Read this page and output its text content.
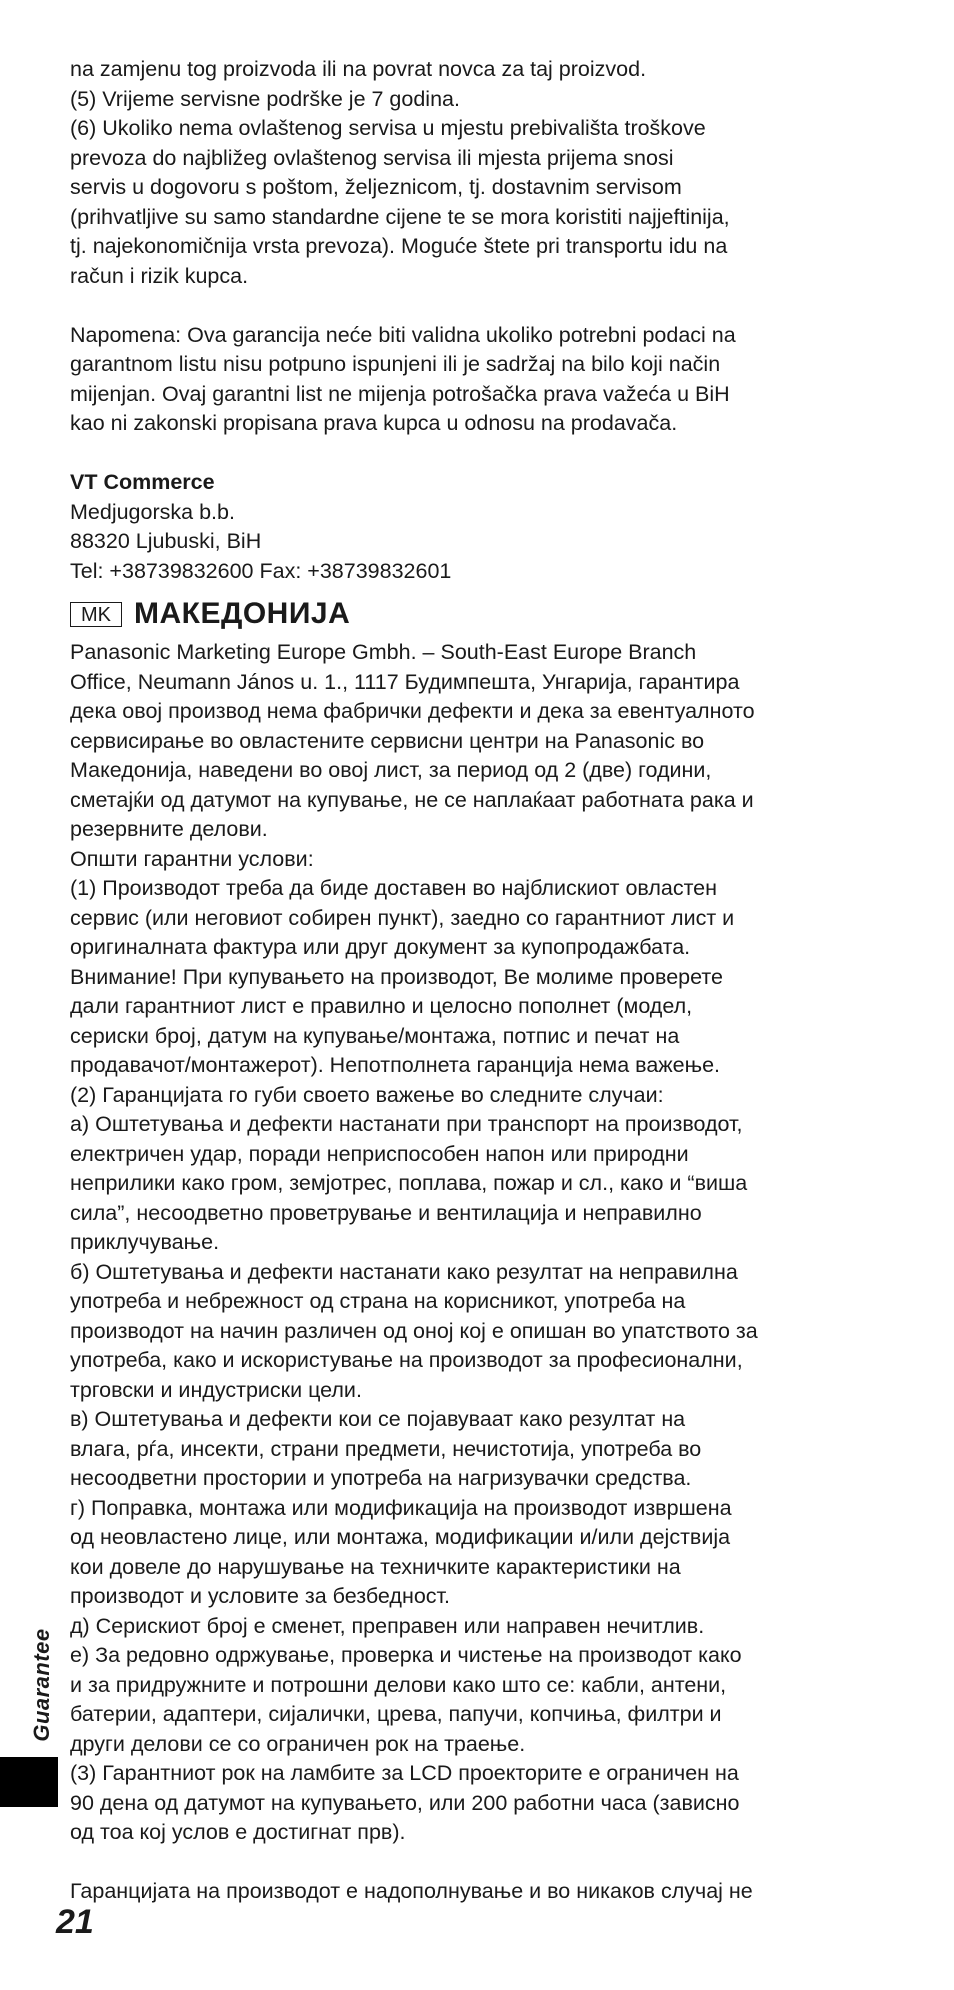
na zamjenu tog proizvoda ili na povrat novca za taj proizvod.
(5) Vrijeme servisne podrške je 7 godina.
(6) Ukoliko nema ovlaštenog servisa u mjestu prebivališta troškove
prevoza do najbližeg ovlaštenog servisa ili mjesta prijema snosi
servis u dogovoru s poštom, željeznicom, tj. dostavnim servisom
(prihvatljive su samo standardne cijene te se mora koristiti najjeftinija,
tj. najekonomičnija vrsta prevoza). Moguće štete pri transportu idu na
račun i rizik kupca.
Napomena: Ova garancija neće biti validna ukoliko potrebni podaci na
garantnom listu nisu potpuno ispunjeni ili je sadržaj na bilo koji način
mijenjan. Ovaj garantni list ne mijenja potrošačka prava važeća u BiH
kao ni zakonski propisana prava kupca u odnosu na prodavača.
VT Commerce
Medjugorska b.b.
88320 Ljubuski, BiH
Tel: +38739832600 Fax: +38739832601
MK МАКЕДОНИЈА
Panasonic Marketing Europe Gmbh. – South-East Europe Branch
Office, Neumann János u. 1., 1117 Будимпешта, Унгарија, гарантира
дека овој производ нема фабрички дефекти и дека за евентуалното
сервисирање во овластените сервисни центри на Panasonic во
Македонија, наведени во овој лист, за период од 2 (две) години,
сметајќи од датумот на купување, не се наплаќаат работната рака и
резервните делови.
Општи гарантни услови:
(1) Производот треба да биде доставен во најблискиот овластен
сервис (или неговиот собирен пункт), заедно со гарантниот лист и
оригиналната фактура или друг документ за купопродажбата.
Внимание! При купувањето на производот, Ве молиме проверете
дали гарантниот лист е правилно и целосно пополнет (модел,
сериски број, датум на купување/монтажа, потпис и печат на
продавачот/монтажерот). Непотполнета гаранција нема важење.
(2) Гаранцијата го губи своето важење во следните случаи:
а) Оштетувања и дефекти настанати при транспорт на производот,
електричен удар, поради неприспособен напон или природни
неприлики како гром, земјотрес, поплава, пожар и сл., како и “виша
сила”, несоодветно проветрување и вентилација и неправилно
приклучување.
б) Оштетувања и дефекти настанати како резултат на неправилна
употреба и небрежност од страна на корисникот, употреба на
производот на начин различен од оној кој е опишан во упатството за
употреба, како и искористување на производот за професионални,
трговски и индустриски цели.
в) Оштетувања и дефекти кои се појавуваат како резултат на
влага, рѓа, инсекти, страни предмети, нечистотија, употреба во
несоодветни простории и употреба на нагризувачки средства.
г) Поправка, монтажа или модификација на производот извршена
од неовластено лице, или монтажа, модификации и/или дејствија
кои довеле до нарушување на техничките карактеристики на
производот и условите за безбедност.
д) Серискиот број е сменет, преправен или направен нечитлив.
е) За редовно одржување, проверка и чистење на производот како
и за придружните и потрошни делови како што се: кабли, антени,
батерии, адаптери, сијалички, цревa, папучи, копчиња, филтри и
други делови се со ограничен рок на траење.
(3) Гарантниот рок на ламбите за LCD проекторите е ограничен на
90 дена од датумот на купувањето, или 200 работни часа (зависно
од тоа кој услов е достигнат прв).
Гаранцијата на производот е надополнување и во никаков случај не
Guarantee
21
